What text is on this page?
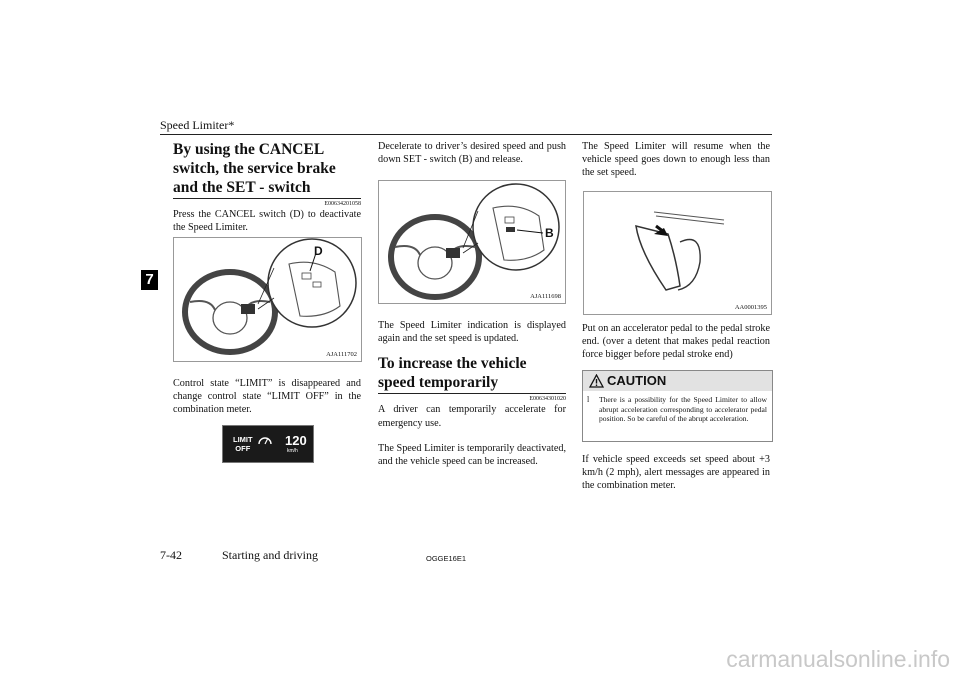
Speed Limiter*
7
By using the CANCEL switch, the service brake and the SET - switch
E00634201058

Press the CANCEL switch (D) to deactivate the Speed Limiter.

D
AJA111702

Control state “LIMIT” is disappeared and change control state “LIMIT OFF” in the combination meter.

LIMIT
OFF
120
km/h

Decelerate to driver’s desired speed and push down SET - switch (B) and release.

B
AJA111698

The Speed Limiter indication is displayed again and the set speed is updated.

To increase the vehicle speed temporarily
E00634301020

A driver can temporarily accelerate for emergency use.

The Speed Limiter is temporarily deactivated, and the vehicle speed can be increased.

The Speed Limiter will resume when the vehicle speed goes down to enough less than the set speed.

AA0001395

Put on an accelerator pedal to the pedal stroke end. (over a detent that makes pedal reaction force bigger before pedal stroke end)

CAUTION
l There is a possibility for the Speed Limiter to allow abrupt acceleration corresponding to accelerator pedal position. So be careful of the abrupt acceleration.

If vehicle speed exceeds set speed about +3 km/h (2 mph), alert messages are appeared in the combination meter.

7-42	Starting and driving	OGGE16E1
carmanualsonline.info
